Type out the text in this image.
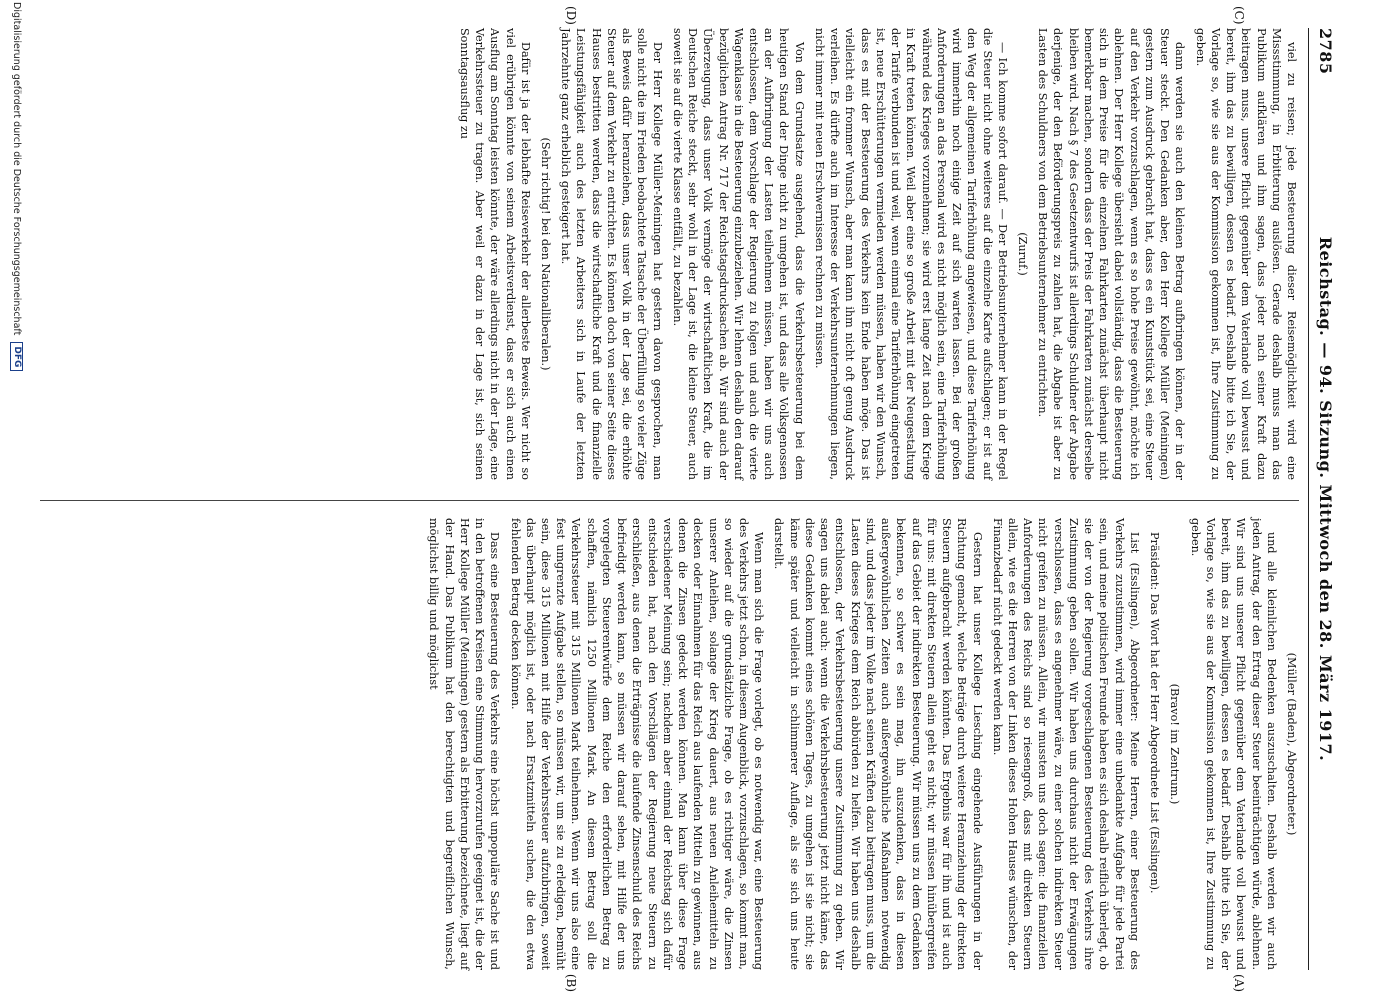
2785
Reichstag. — 94. Sitzung. Mittwoch den 28. März 1917.
(C)
(D)

viel zu reisen; jede Besteuerung dieser Reisemöglichkeit wird eine Missstimmung, in Erbitterung auslösen. Gerade deshalb muss man das Publikum aufklären und ihm sagen, dass jeder nach seiner Kraft dazu beitragen muss, unsere Pflicht gegenüber dem Vaterlande voll bewusst und bereit, ihm das zu bewilligen, dessen es bedarf. Deshalb bitte ich Sie, der Vorlage so, wie sie aus der Kommission gekommen ist, Ihre Zustimmung zu geben.

dann werden sie auch den kleinen Betrag aufbringen können, der in der Steuer steckt. Den Gedanken aber, den Herr Kollege Müller (Meiningen) gestern zum Ausdruck gebracht hat, dass es ein Kunststück sei, eine Steuer auf den Verkehr vorzuschlagen, wenn es so hohe Preise gewöhnt, möchte ich ablehnen. Der Herr Kollege übersieht dabei vollständig, dass die Besteuerung sich in dem Preise für die einzelnen Fahrkarten zunächst überhaupt nicht bemerkbar machen, sondern dass der Preis der Fahrkarten zunächst derselbe bleiben wird. Nach § 7 des Gesetzentwurfs ist allerdings Schuldner der Abgabe derjenige, der den Beförderungspreis zu zahlen hat, die Abgabe ist aber zu Lasten des Schuldners von dem Betriebsunternehmer zu entrichten.

(Zuruf.)

— Ich komme sofort darauf. — Der Betriebsunternehmer kann in der Regel die Steuer nicht ohne weiteres auf die einzelne Karte aufschlagen; er ist auf den Weg der allgemeinen Tariferhöhung angewiesen, und diese Tariferhöhung wird immerhin noch einige Zeit auf sich warten lassen. Bei der großen Anforderungen an das Personal wird es nicht möglich sein, eine Tariferhöhung während des Krieges vorzunehmen; sie wird erst lange Zeit nach dem Kriege in Kraft treten können. Weil aber eine so große Arbeit mit der Neugestaltung der Tarife verbunden ist und weil, wenn einmal eine Tariferhöhung eingetreten ist, neue Erschütterungen vermieden werden müssen, haben wir den Wunsch, dass es mit der Besteuerung des Verkehrs kein Ende haben möge. Das ist vielleicht ein frommer Wunsch, aber man kann ihm nicht oft genug Ausdruck verleihen. Es dürfte auch im Interesse der Verkehrsunternehmungen liegen, nicht immer mit neuen Erschwernissen rechnen zu müssen.

Von dem Grundsatze ausgehend, dass die Verkehrsbesteuerung bei dem heutigen Stand der Dinge nicht zu umgehen ist, und dass alle Volksgenossen an der Aufbringung der Lasten teilnehmen müssen, haben wir uns auch entschlossen, dem Vorschlage der Regierung zu folgen und auch die vierte Wagenklasse in die Besteuerung einzubeziehen. Wir lehnen deshalb den darauf bezüglichen Antrag Nr. 717 der Reichstagsdrucksachen ab. Wir sind auch der Überzeugung, dass unser Volk vermöge der wirtschaftlichen Kraft, die im Deutschen Reiche steckt, sehr wohl in der Lage ist, die kleine Steuer, auch soweit sie auf die vierte Klasse entfällt, zu bezahlen.

Der Herr Kollege Müller-Meiningen hat gestern davon gesprochen, man solle nicht die im Frieden beobachtete Tatsache der Überfüllung so vieler Züge als Beweis dafür heranziehen, dass unser Volk in der Lage sei, die erhöhte Steuer auf dem Verkehr zu entrichten. Es können doch von seiner Seite dieses Hauses bestritten werden, dass die wirtschaftliche Kraft und die finanzielle Leistungsfähigkeit auch des letzten Arbeiters sich in Laufe der letzten Jahrzehnte ganz erheblich gesteigert hat.

(Sehr richtig! bei den Nationalliberalen.)

Dafür ist ja der lebhafte Reiseverkehr der allerbeste Beweis. Wer nicht so viel erübrigen könnte von seinem Arbeitsverdienst, dass er sich auch einen Ausflug am Sonntag leisten könnte, der wäre allerdings nicht in der Lage, eine Verkehrssteuer zu tragen. Aber weil er dazu in der Lage ist, sich seinen Sonntagsausflug zu

(A)
(B)

(Müller (Baden), Abgeordneter.)

und alle kleinlichen Bedenken auszuschalten. Deshalb werden wir auch jeden Antrag, der den Ertrag dieser Steuer beeinträchtigen würde, ablehnen. Wir sind uns unserer Pflicht gegenüber dem Vaterlande voll bewusst und bereit, ihm das zu bewilligen, dessen es bedarf. Deshalb bitte ich Sie, der Vorlage so, wie sie aus der Kommission gekommen ist, Ihre Zustimmung zu geben.

(Bravo! im Zentrum.)

Präsident: Das Wort hat der Herr Abgeordnete List (Esslingen).

List (Esslingen), Abgeordneter: Meine Herren, einer Besteuerung des Verkehrs zuzustimmen, wird immer eine unbedankte Aufgabe für jede Partei sein, und meine politischen Freunde haben es sich deshalb reiflich überlegt, ob sie der von der Regierung vorgeschlagenen Besteuerung des Verkehrs ihre Zustimmung geben sollen. Wir haben uns durchaus nicht der Erwägungen verschlossen, dass es angenehmer wäre, zu einer solchen indirekten Steuer nicht greifen zu müssen. Allein, wir mussten uns doch sagen: die finanziellen Anforderungen des Reichs sind so riesengroß, dass mit direkten Steuern allein, wie es die Herren von der Linken dieses Hohen Hauses wünschen, der Finanzbedarf nicht gedeckt werden kann.

Gestern hat unser Kollege Liesching eingehende Ausführungen in der Richtung gemacht, welche Beträge durch weitere Heranziehung der direkten Steuern aufgebracht werden könnten. Das Ergebnis war für ihn und ist auch für uns: mit direkten Steuern allein geht es nicht; wir müssen hinübergreifen auf das Gebiet der indirekten Besteuerung. Wir müssen uns zu dem Gedanken bekennen, so schwer es sein mag, ihn auszudenken, dass in diesen außergewöhnlichen Zeiten auch außergewöhnliche Maßnahmen notwendig sind, und dass jeder im Volke nach seinen Kräften dazu beitragen muss, um die Lasten dieses Krieges dem Reich abbürden zu helfen. Wir haben uns deshalb entschlossen, der Verkehrsbesteuerung unsere Zustimmung zu geben. Wir sagen uns dabei auch: wenn die Verkehrsbesteuerung jetzt nicht käme, das diese Gedanken kommt eines schönen Tages, zu umgehen ist sie nicht; sie käme später und vielleicht in schlimmerer Auflage, als sie sich uns heute darstellt.

Wenn man sich die Frage vorlegt, ob es notwendig war, eine Besteuerung des Verkehrs jetzt schon, in diesem Augenblick, vorzuschlagen, so kommt man, so wieder auf die grundsätzliche Frage, ob es richtiger wäre, die Zinsen unserer Anleihen, solange der Krieg dauert, aus neuen Anleihemitteln zu decken oder Einnahmen für das Reich aus laufenden Mitteln zu gewinnen, aus denen die Zinsen gedeckt werden können. Man kann über diese Frage verschiedener Meinung sein; nachdem aber einmal der Reichstag sich dafür entschieden hat, nach den Vorschlägen der Regierung neue Steuern zu erschließen, aus denen die Erträgnisse die laufende Zinsenschuld des Reichs befriedigt werden kann, so müssen wir darauf sehen, mit Hilfe der uns vorgelegten Steuerentwürfe dem Reiche den erforderlichen Betrag zu schaffen, nämlich 1250 Millionen Mark. An diesem Betrag soll die Verkehrssteuer mit 315 Millionen Mark teilnehmen. Wenn wir uns also eine fest umgrenzte Aufgabe stellen, so müssen wir, um sie zu erledigen, bemüht sein, diese 315 Millionen mit Hilfe der Verkehrssteuer aufzubringen, soweit das überhaupt möglich ist, oder nach Ersatzmitteln suchen, die den etwa fehlenden Betrag decken können.

Dass eine Besteuerung des Verkehrs eine höchst unpopuläre Sache ist und in den betroffenen Kreisen eine Stimmung hervorzurufen geeignet ist, die der Herr Kollege Müller (Meiningen) gestern als Erbitterung bezeichnete, liegt auf der Hand. Das Publikum hat den berechtigten und begreiflichen Wunsch, möglichst billig und möglichst

Digitalisierung gefördert durch die Deutsche Forschungsgemeinschaft DFG
